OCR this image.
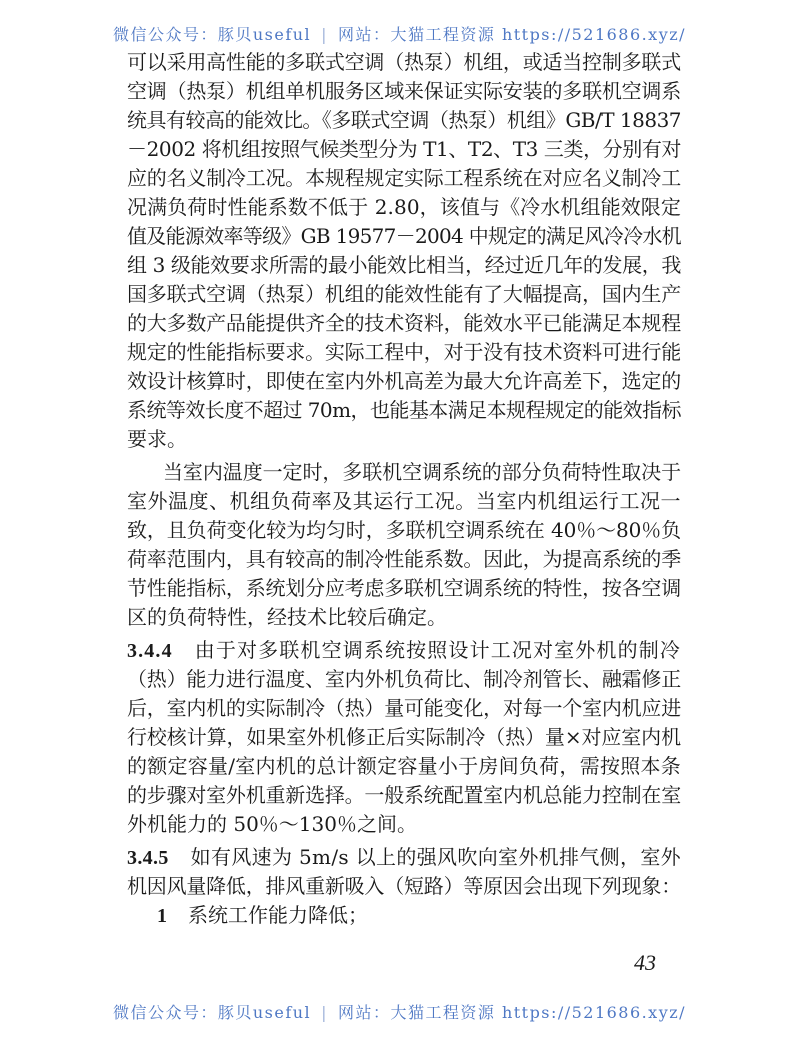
微信公众号：豚贝useful | 网站：大猫工程资源 https://521686.xyz/
可以采用高性能的多联式空调（热泵）机组，或适当控制多联式
空调（热泵）机组单机服务区域来保证实际安装的多联机空调系
统具有较高的能效比。《多联式空调（热泵）机组》GB/T 18837
－2002 将机组按照气候类型分为 T1、T2、T3 三类，分别有对
应的名义制冷工况。本规程规定实际工程系统在对应名义制冷工
况满负荷时性能系数不低于 2.80，该值与《冷水机组能效限定
值及能源效率等级》GB 19577－2004 中规定的满足风冷冷水机
组 3 级能效要求所需的最小能效比相当，经过近几年的发展，我
国多联式空调（热泵）机组的能效性能有了大幅提高，国内生产
的大多数产品能提供齐全的技术资料，能效水平已能满足本规程
规定的性能指标要求。实际工程中，对于没有技术资料可进行能
效设计核算时，即使在室内外机高差为最大允许高差下，选定的
系统等效长度不超过 70m，也能基本满足本规程规定的能效指标
要求。
当室内温度一定时，多联机空调系统的部分负荷特性取决于
室外温度、机组负荷率及其运行工况。当室内机组运行工况一
致，且负荷变化较为均匀时，多联机空调系统在 40％～80％负
荷率范围内，具有较高的制冷性能系数。因此，为提高系统的季
节性能指标，系统划分应考虑多联机空调系统的特性，按各空调
区的负荷特性，经技术比较后确定。
3.4.4 由于对多联机空调系统按照设计工况对室外机的制冷
（热）能力进行温度、室内外机负荷比、制冷剂管长、融霜修正
后，室内机的实际制冷（热）量可能变化，对每一个室内机应进
行校核计算，如果室外机修正后实际制冷（热）量×对应室内机
的额定容量/室内机的总计额定容量小于房间负荷，需按照本条
的步骤对室外机重新选择。一般系统配置室内机总能力控制在室
外机能力的 50％～130％之间。
3.4.5 如有风速为 5m/s 以上的强风吹向室外机排气侧，室外
机因风量降低，排风重新吸入（短路）等原因会出现下列现象：
1 系统工作能力降低；
43
微信公众号：豚贝useful | 网站：大猫工程资源 https://521686.xyz/
